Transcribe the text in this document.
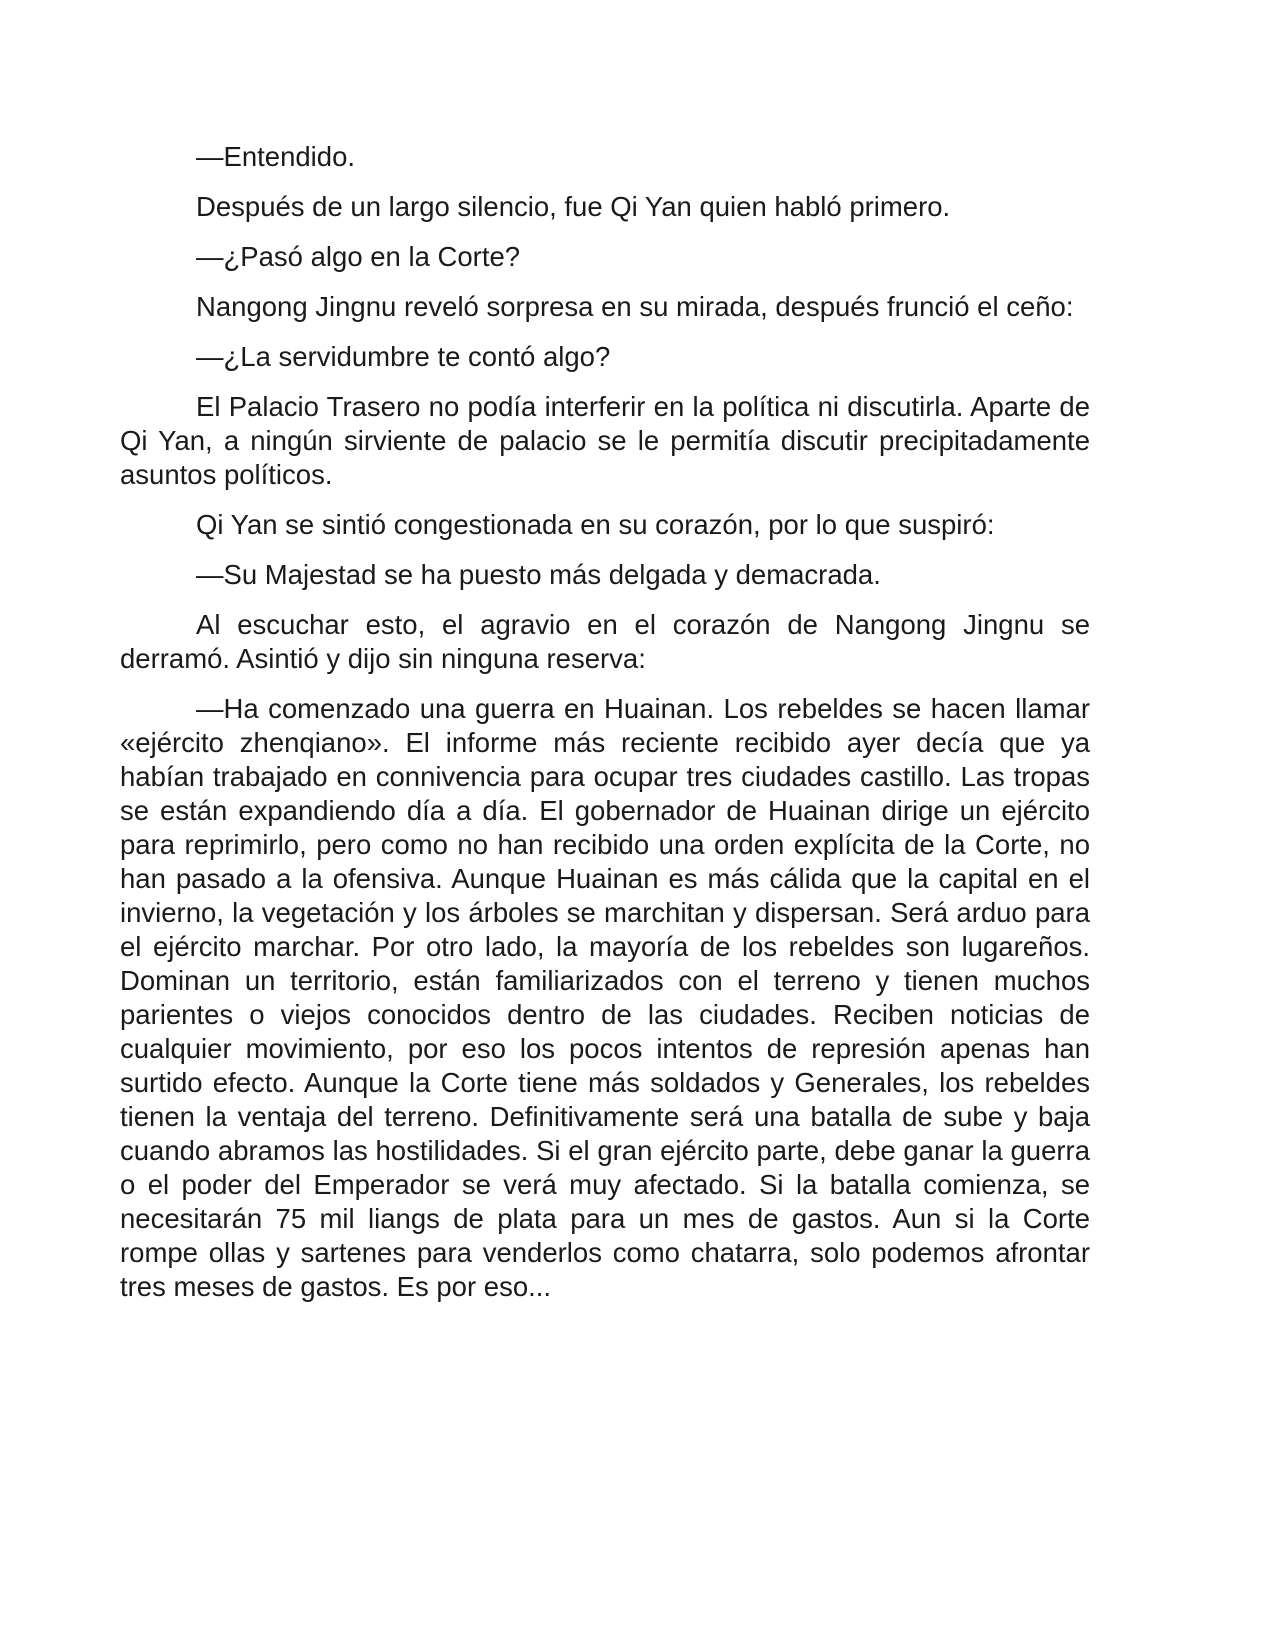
—Entendido.

Después de un largo silencio, fue Qi Yan quien habló primero.

—¿Pasó algo en la Corte?

Nangong Jingnu reveló sorpresa en su mirada, después frunció el ceño:

—¿La servidumbre te contó algo?

El Palacio Trasero no podía interferir en la política ni discutirla. Aparte de Qi Yan, a ningún sirviente de palacio se le permitía discutir precipitadamente asuntos políticos.

Qi Yan se sintió congestionada en su corazón, por lo que suspiró:

—Su Majestad se ha puesto más delgada y demacrada.

Al escuchar esto, el agravio en el corazón de Nangong Jingnu se derramó. Asintió y dijo sin ninguna reserva:

—Ha comenzado una guerra en Huainan. Los rebeldes se hacen llamar «ejército zhenqiano». El informe más reciente recibido ayer decía que ya habían trabajado en connivencia para ocupar tres ciudades castillo. Las tropas se están expandiendo día a día. El gobernador de Huainan dirige un ejército para reprimirlo, pero como no han recibido una orden explícita de la Corte, no han pasado a la ofensiva. Aunque Huainan es más cálida que la capital en el invierno, la vegetación y los árboles se marchitan y dispersan. Será arduo para el ejército marchar. Por otro lado, la mayoría de los rebeldes son lugareños. Dominan un territorio, están familiarizados con el terreno y tienen muchos parientes o viejos conocidos dentro de las ciudades. Reciben noticias de cualquier movimiento, por eso los pocos intentos de represión apenas han surtido efecto. Aunque la Corte tiene más soldados y Generales, los rebeldes tienen la ventaja del terreno. Definitivamente será una batalla de sube y baja cuando abramos las hostilidades. Si el gran ejército parte, debe ganar la guerra o el poder del Emperador se verá muy afectado. Si la batalla comienza, se necesitarán 75 mil liangs de plata para un mes de gastos. Aun si la Corte rompe ollas y sartenes para venderlos como chatarra, solo podemos afrontar tres meses de gastos. Es por eso...
